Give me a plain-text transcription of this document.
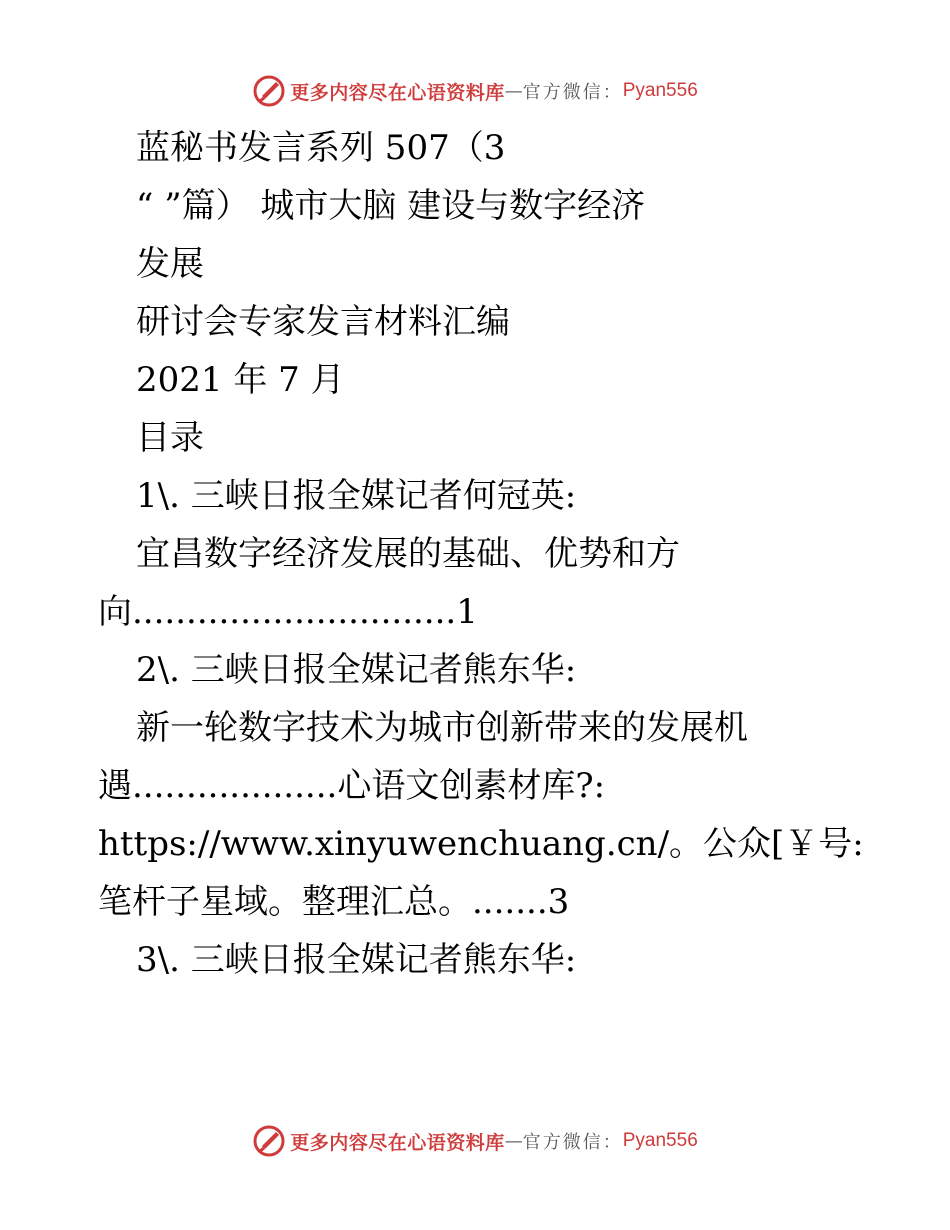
更多内容尽在心语资料库 — 官方微信： Pyan556
蓝秘书发言系列 507（3
“ ”篇） 城市大脑 建设与数字经济
发展
研讨会专家发言材料汇编
2021 年 7 月
目录
1\. 三峡日报全媒记者何冠英:
宜昌数字经济发展的基础、优势和方
向..............................1
2\. 三峡日报全媒记者熊东华:
新一轮数字技术为城市创新带来的发展机
遇...................心语文创素材库?:
https://www.xinyuwenchuang.cn/。公众[￥号:
笔杆子星域。整理汇总。.......3
3\. 三峡日报全媒记者熊东华:
更多内容尽在心语资料库 — 官方微信： Pyan556
